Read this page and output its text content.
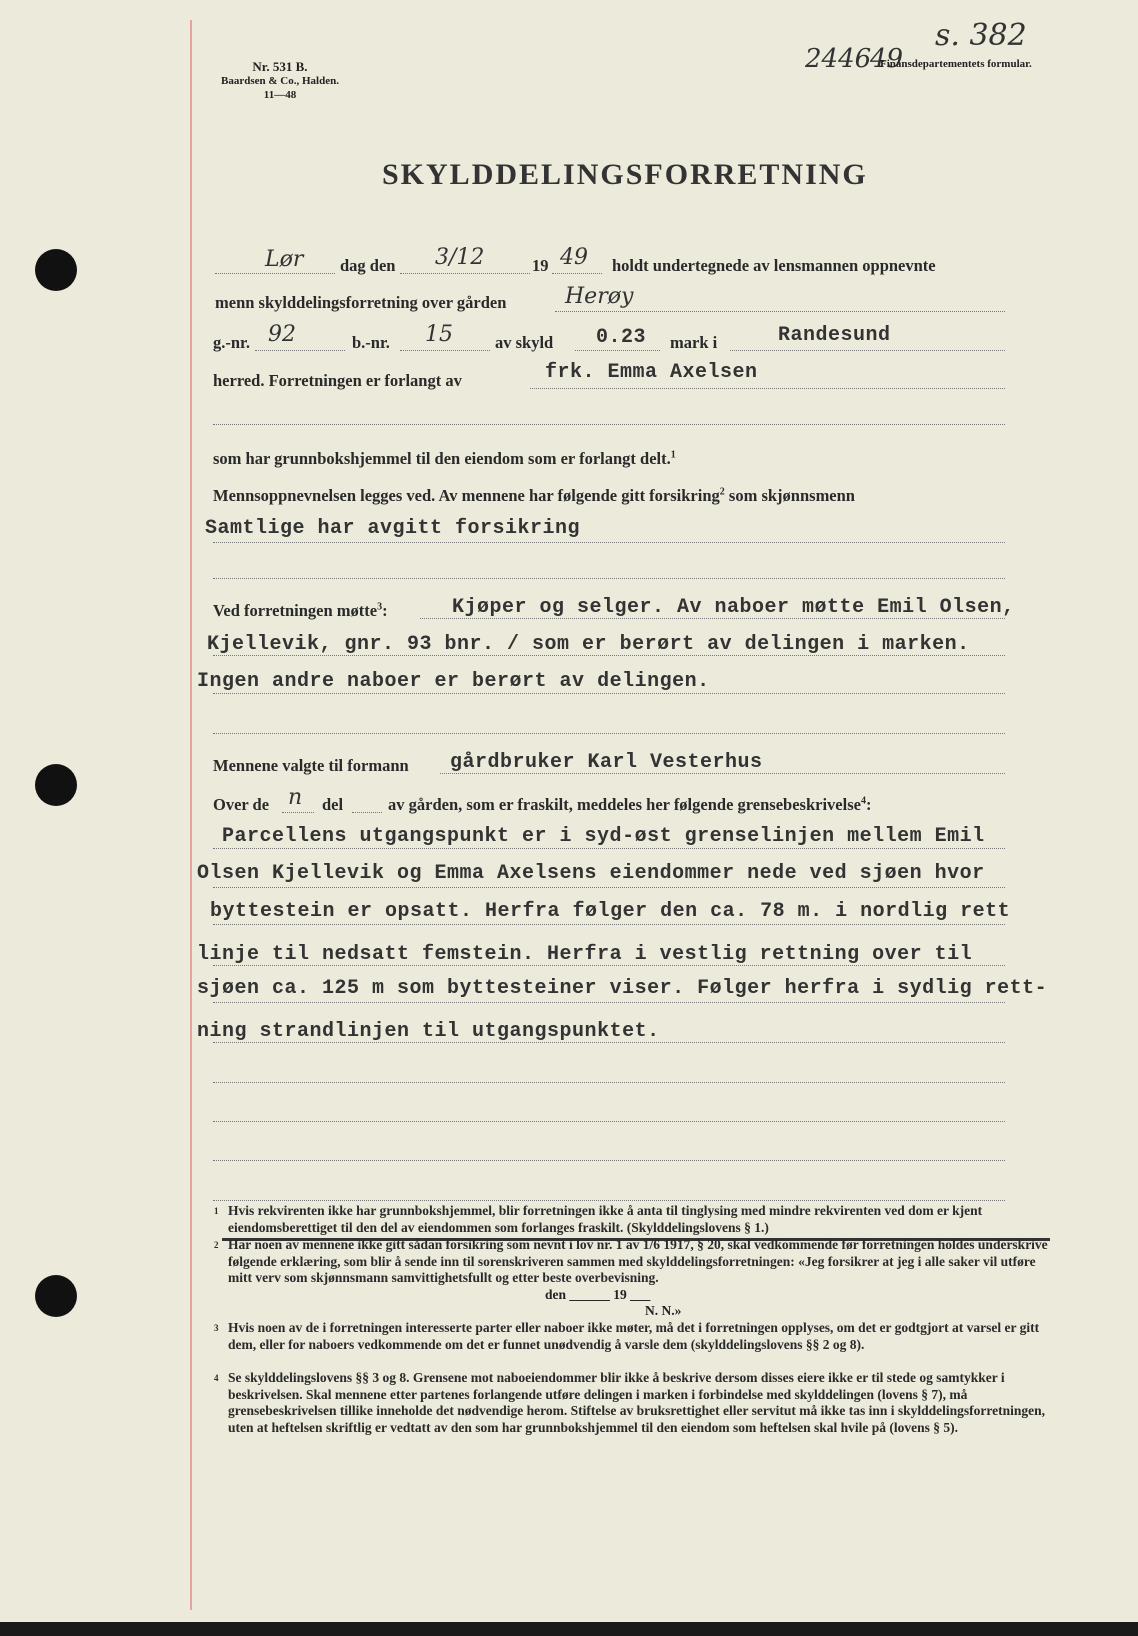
Nr. 531 B.
Baardsen & Co., Halden.
11—48
2446
49
Finansdepartementets formular.
s. 382
SKYLDDELINGSFORRETNING
Lør dag den 3/12	19 49 holdt undertegnede av lensmannen oppnevnte
menn skylddelingsforretning over gården	Herøy
g.-nr. 92	b.-nr. 15	av skyld 0.23 mark i	Randesund
herred. Forretningen er forlangt av	frk. Emma Axelsen
som har grunnbokshjemmel til den eiendom som er forlangt delt.$^1$
Mennsoppnevnelsen legges ved. Av mennene har følgende gitt forsikring$^2$ som skjønnsmenn
Samtlige har avgitt forsikring
Ved forretningen møtte$^3$:	Kjøper og selger. Av naboer møtte Emil Olsen,
Kjellevik, gnr. 93 bnr. / som er berørt av delingen i marken.
Ingen andre naboer er berørt av delingen.
Mennene valgte til formann gårdbruker Karl Vesterhus
Over de n del	av gården, som er fraskilt, meddeles her følgende grensebeskrivelse$^4$:
Parcellens utgangspunkt er i syd-øst grenselinjen mellem Emil
Olsen Kjellevik og Emma Axelsens eiendommer nede ved sjøen hvor
byttestein er opsatt. Herfra følger den ca. 78 m. i nordlig rett
linje til nedsatt femstein. Herfra i vestlig rettning over til
sjøen ca. 125 m som byttesteiner viser. Følger herfra i sydlig rett-
ning strandlinjen til utgangspunktet.
1 Hvis rekvirenten ikke har grunnbokshjemmel, blir forretningen ikke å anta til tinglysing med mindre rekvirenten ved dom er kjent eiendomsberettiget til den del av eiendommen som forlanges fraskilt. (Skylddelingslovens § 1.)
2 Har noen av mennene ikke gitt sådan forsikring som nevnt i lov nr. 1 av 1/6 1917, § 20, skal vedkommende før forretningen holdes underskrive følgende erklæring, som blir å sende inn til sorenskriveren sammen med skylddelingsforretningen: «Jeg forsikrer at jeg i alle saker vil utføre mitt verv som skjønnsmann samvittighetsfullt og etter beste overbevisning.
den ______ 19 ___
N. N.»
3 Hvis noen av de i forretningen interesserte parter eller naboer ikke møter, må det i forretningen opplyses, om det er godtgjort at varsel er gitt dem, eller for naboers vedkommende om det er funnet unødvendig å varsle dem (skylddelingslovens §§ 2 og 8).
4 Se skylddelingslovens §§ 3 og 8. Grensene mot naboeiendommer blir ikke å beskrive dersom disses eiere ikke er til stede og samtykker i beskrivelsen. Skal mennene etter partenes forlangende utføre delingen i marken i forbindelse med skylddelingen (lovens § 7), må grensebeskrivelsen tillike inneholde det nødvendige herom. Stiftelse av bruksrettighet eller servitut må ikke tas inn i skylddelingsforretningen, uten at heftelsen skriftlig er vedtatt av den som har grunnbokshjemmel til den eiendom som heftelsen skal hvile på (lovens § 5).
